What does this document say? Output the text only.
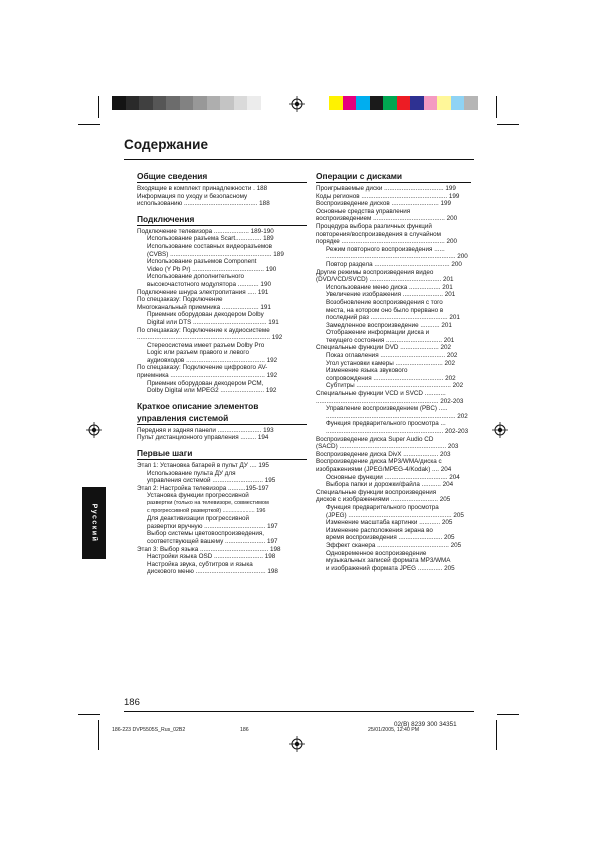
Содержание
Общие сведения
Входящие в комплект принадлежности . 188
Информация по уходу и безопасному
использованию .......................................... 188
Подключения
Подключение телевизора .................... 189-190
Использование разъема Scart............... 189
Использование составных видеоразъемов
(CVBS) .......................................................... 189
Использование разъемов Component
Video (Y Pb Pr) ......................................... 190
Использование дополнительного
высокочастотного модулятора ............ 190
Подключение шнура электропитания ..... 191
По спецзаказу: Подключение
Многоканальный приемника ..................... 191
Приемник оборудован декодером Dolby
Digital или DTS .......................................... 191
По спецзаказу: Подключение к аудиосистеме
............................................................................ 192
Стереосистема имеет разъем Dolby Pro
Logic или разъем правого и левого
аудиовходов ............................................. 192
По спецзаказу: Подключение цифрового AV-
приемника ...................................................... 192
Приемник оборудован декодером PCM,
Dolby Digital или MPEG2 ......................... 192
Краткое описание элементов
управления системой
Передняя и задняя панели ......................... 193
Пульт дистанционного управления ......... 194
Первые шаги
Этап 1: Установка батарей в пульт ДУ .... 195
Использование пульта ДУ для
управления системой ............................. 195
Этап 2: Настройка телевизора ..........195-197
Установка функции прогрессивной
развертки (только на телевизоре, совместимом
с прогрессивной разверткой) ..................... 196
Для деактивизации прогрессивной
развертки вручную ................................... 197
Выбор системы цветовоспроизведения,
соответствующей вашему ....................... 197
Этап 3: Выбор языка ....................................... 198
Настройки языка OSD ............................ 198
Настройка звука, субтитров и языка
дискового меню ........................................ 198
Операции с дисками
Проигрываемые диски .................................. 199
Коды регионов ................................................. 199
Воспроизведение дисков ........................... 199
Основные средства управления
воспроизведением ......................................... 200
Процедура выбора различных функций
повторения/воспроизведения в случайном
порядке ........................................................... 200
Режим повторного воспроизведения ......
.......................................................................... 200
Повтор раздела ........................................... 200
Другие режимы воспроизведения видео
(DVD/VCD/SVCD) ......................................... 201
Использование меню диска .................. 201
Увеличение изображения ....................... 201
Возобновление воспроизведения с того
места, на котором оно было прервано в
последний раз ............................................ 201
Замедленное воспроизведение ........... 201
Отображение информации диска и
текущего состояния ................................ 201
Специальные функции DVD ...................... 202
Показ оглавления ..................................... 202
Угол установки камеры ........................... 202
Изменение языка звукового
сопровождения ........................................ 202
Субтитры ...................................................... 202
Специальные функции VCD и SVCD ............
...................................................................... 202-203
Управление воспроизведением (PBC) .....
.......................................................................... 202
Функция предварительного просмотра ...
................................................................... 202-203
Воспроизведение диска Super Audio CD
(SACD) ............................................................. 203
Воспроизведение диска DivX .................... 203
Воспроизведение диска MP3/WMA/диска с
изображениями (JPEG/MPEG-4/Kodak) .... 204
Основные функции .................................... 204
Выбора папки и дорожки/файла ........... 204
Специальные функции воспроизведения
дисков с изображениями ........................... 205
Функция предварительного просмотра
(JPEG) ........................................................... 205
Изменение масштаба картинки ............ 205
Изменение расположения экрана во
время воспроизведения ......................... 205
Эффект сканера ......................................... 205
Одновременное воспроизведение
музыкальных записей формата MP3/WMA
и изображений формата JPEG .............. 205
Русский
186
02(B) 8239 300 34351
186-223 DVP5505S_Rus_02B2	186	25/01/2005, 12:40 PM
